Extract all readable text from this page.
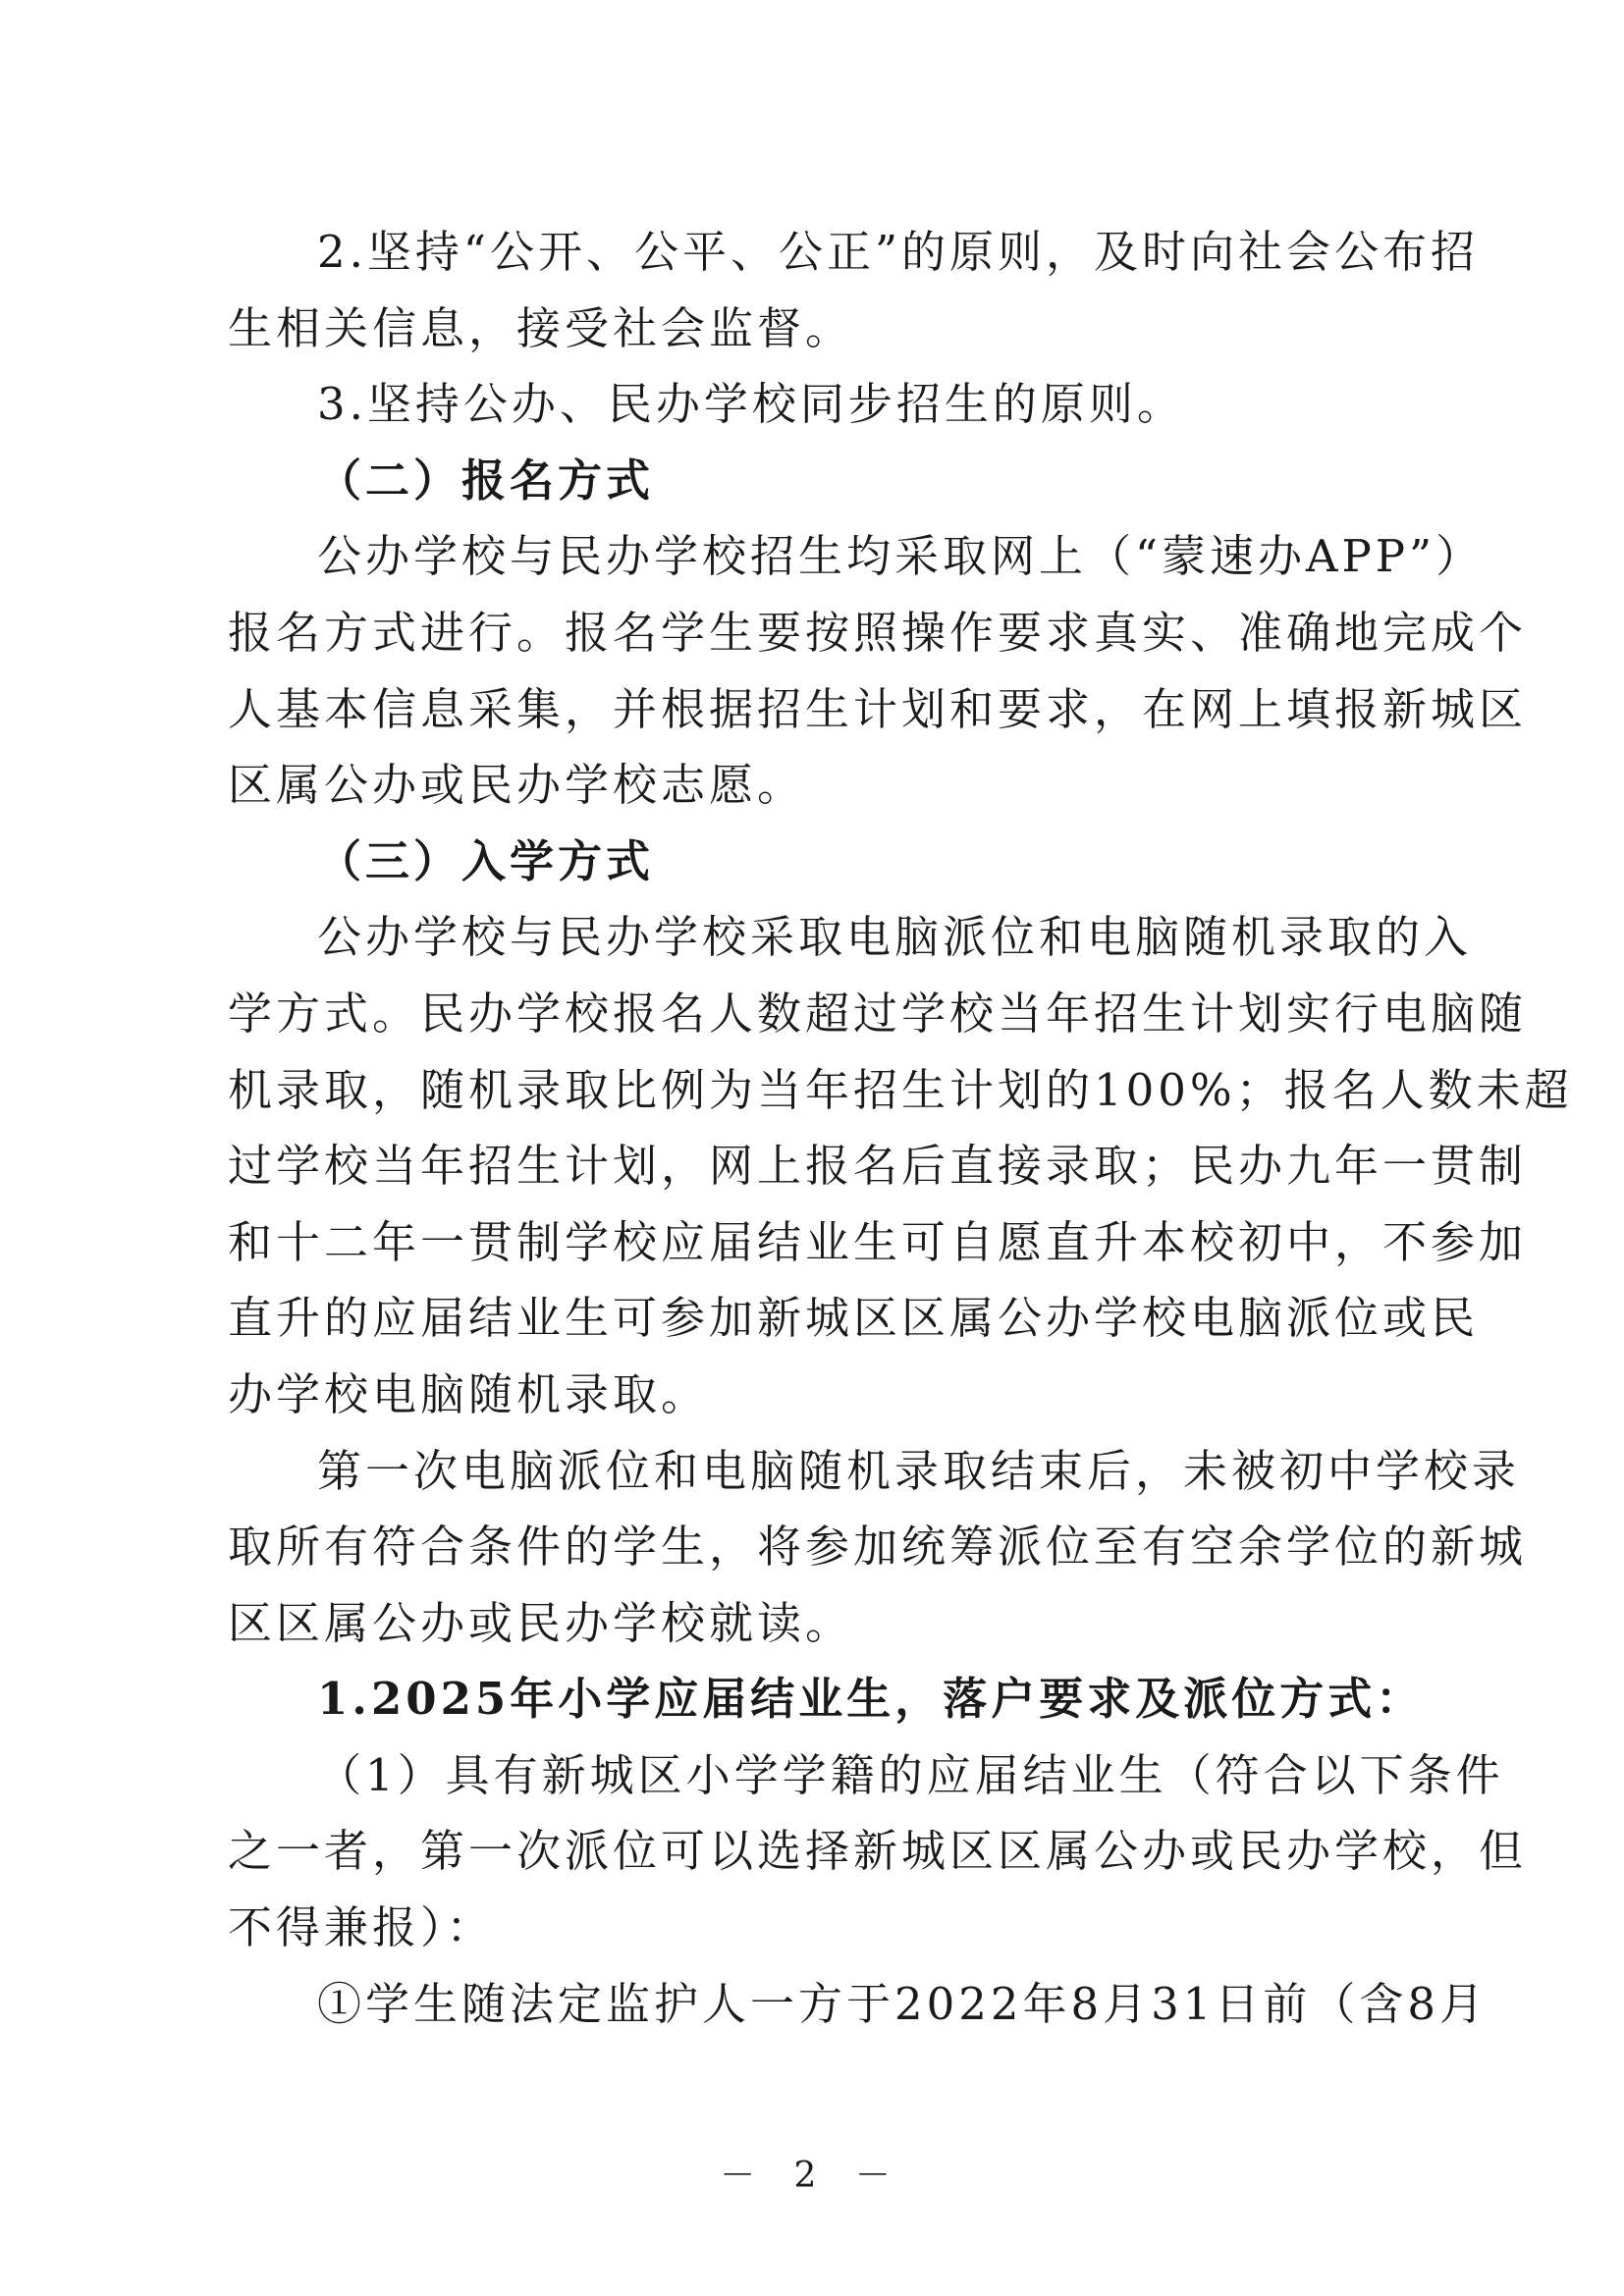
2.坚持“公开、公平、公正”的原则，及时向社会公布招
生相关信息，接受社会监督。
3.坚持公办、民办学校同步招生的原则。
（二）报名方式
公办学校与民办学校招生均采取网上（“蒙速办APP”）
报名方式进行。报名学生要按照操作要求真实、准确地完成个
人基本信息采集，并根据招生计划和要求，在网上填报新城区
区属公办或民办学校志愿。
（三）入学方式
公办学校与民办学校采取电脑派位和电脑随机录取的入
学方式。民办学校报名人数超过学校当年招生计划实行电脑随
机录取，随机录取比例为当年招生计划的100%；报名人数未超
过学校当年招生计划，网上报名后直接录取；民办九年一贯制
和十二年一贯制学校应届结业生可自愿直升本校初中，不参加
直升的应届结业生可参加新城区区属公办学校电脑派位或民
办学校电脑随机录取。
第一次电脑派位和电脑随机录取结束后，未被初中学校录
取所有符合条件的学生，将参加统筹派位至有空余学位的新城
区区属公办或民办学校就读。
1.2025年小学应届结业生，落户要求及派位方式：
（1）具有新城区小学学籍的应届结业生（符合以下条件
之一者，第一次派位可以选择新城区区属公办或民办学校，但
不得兼报）：
①学生随法定监护人一方于2022年8月31日前（含8月
－ 2 －
